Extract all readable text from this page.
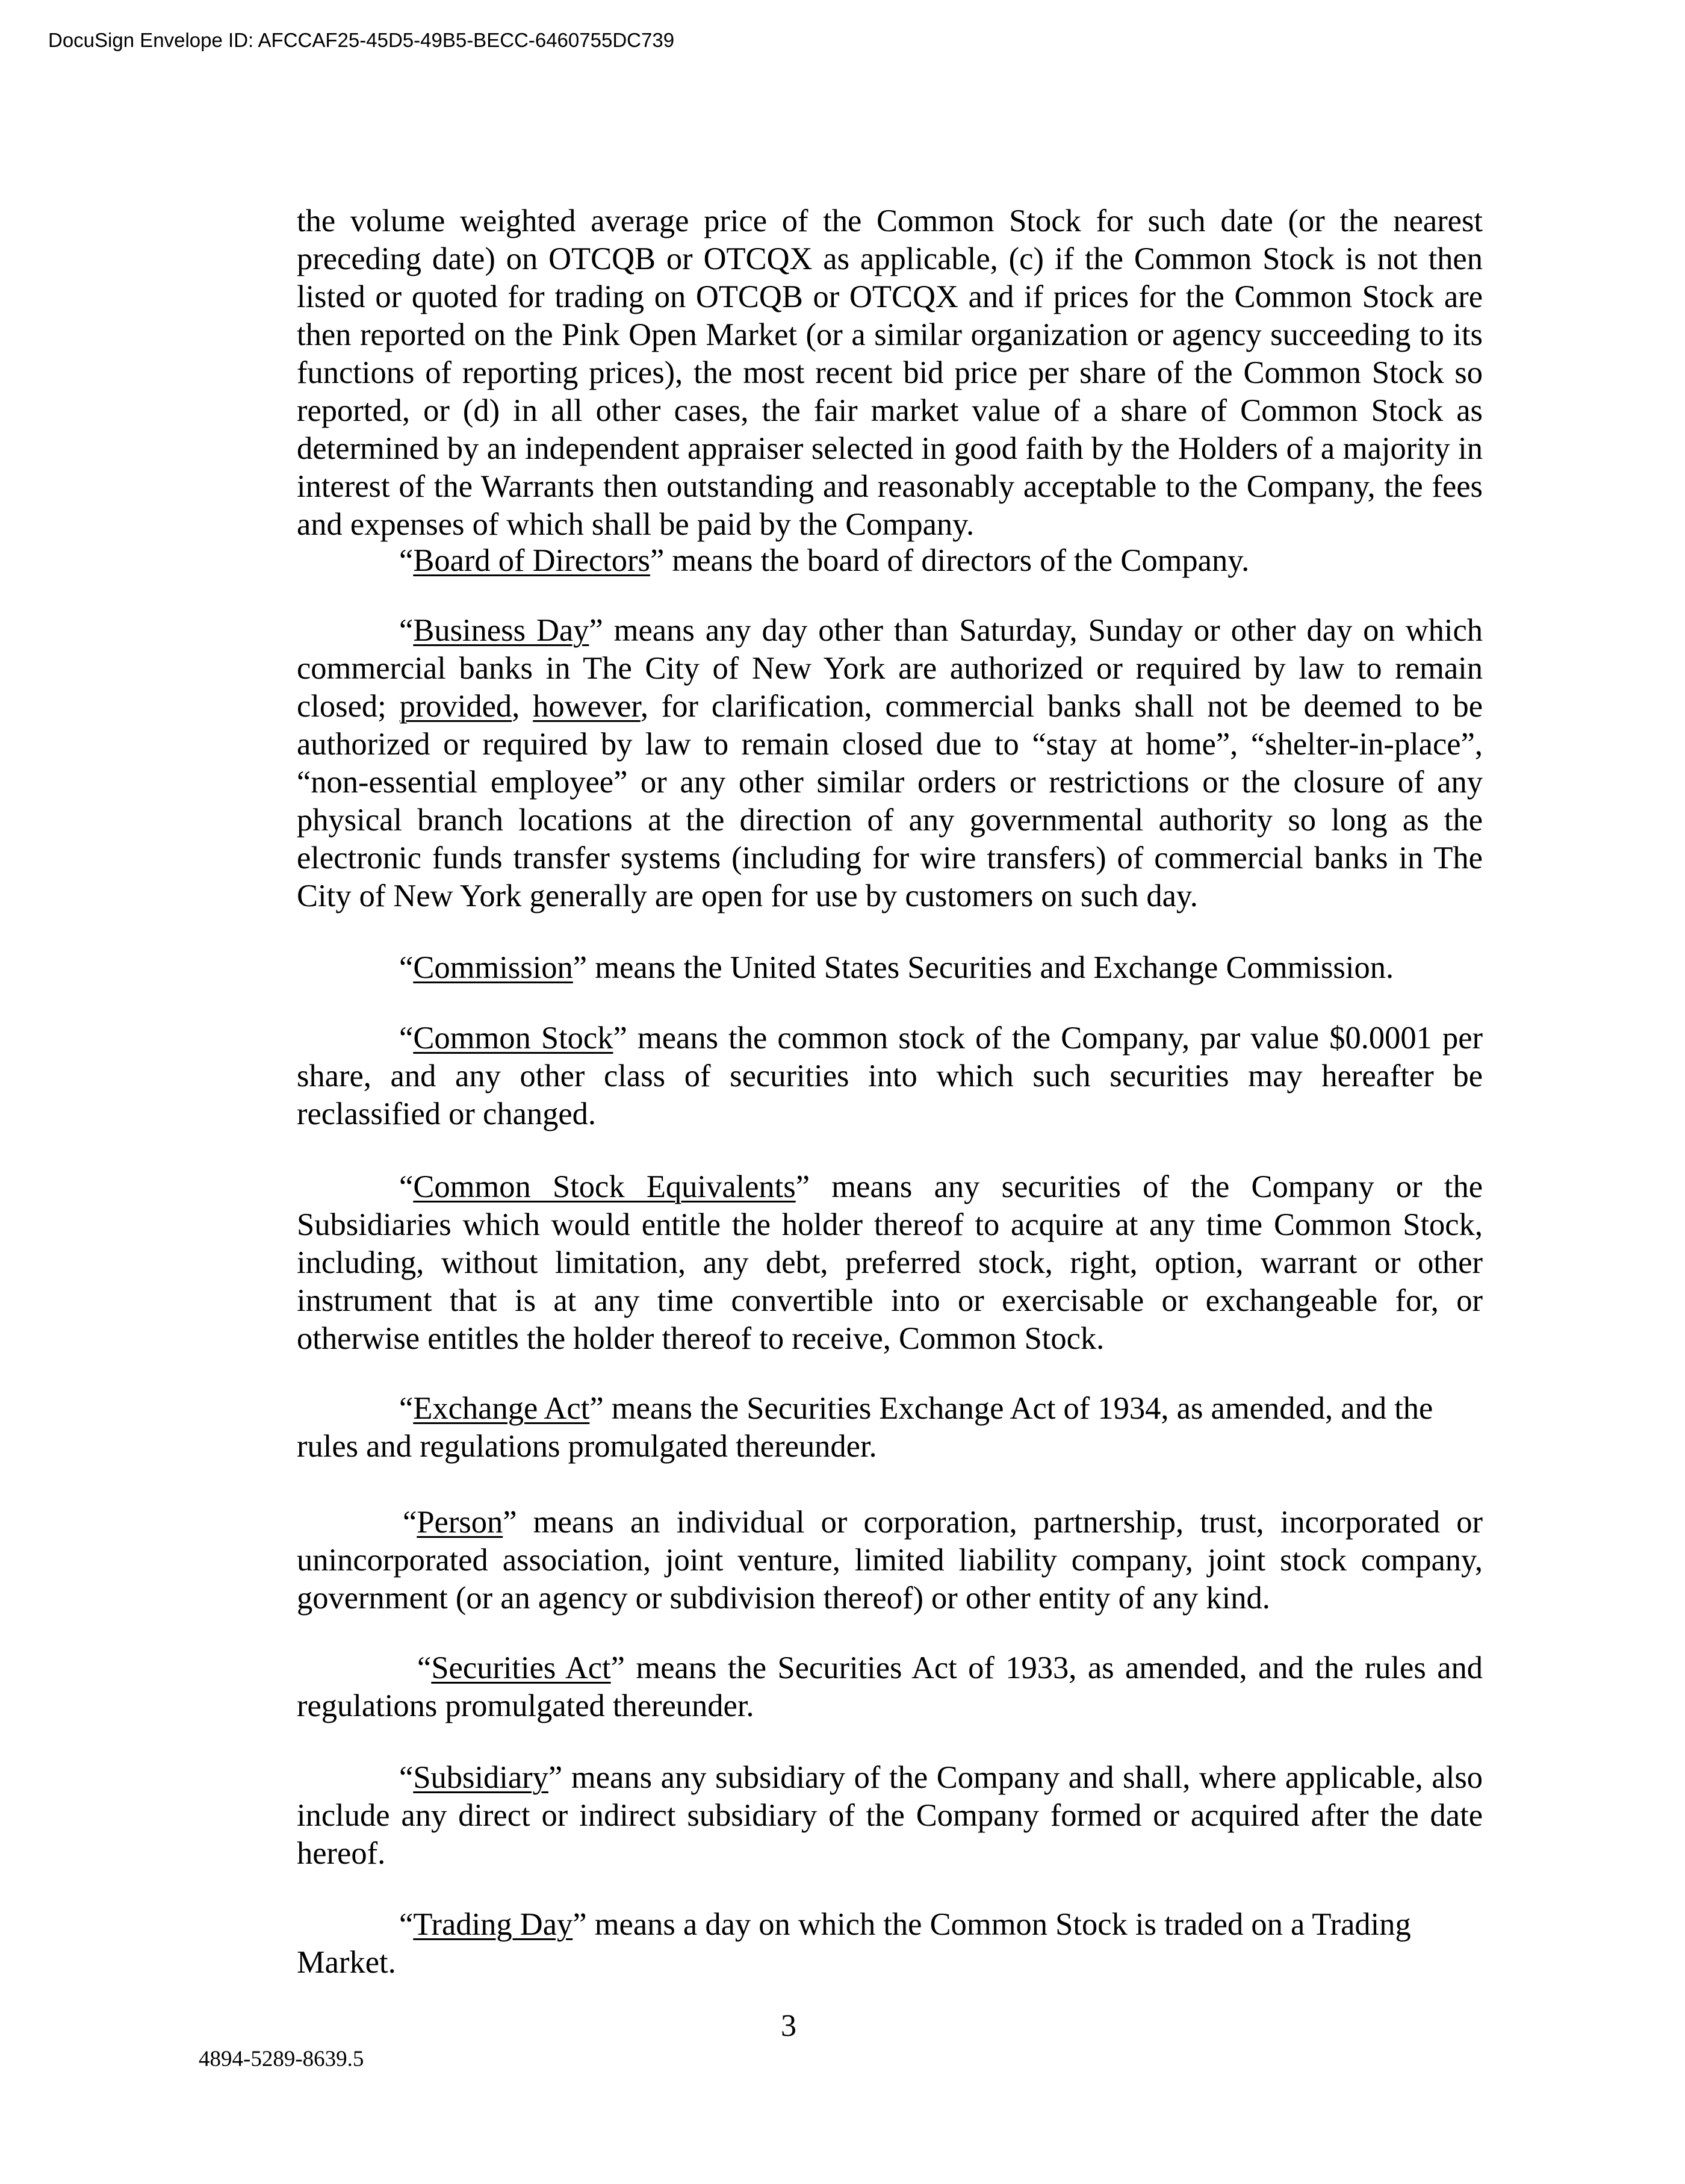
DocuSign Envelope ID: AFCCAF25-45D5-49B5-BECC-6460755DC739

the volume weighted average price of the Common Stock for such date (or the nearest preceding date) on OTCQB or OTCQX as applicable, (c) if the Common Stock is not then listed or quoted for trading on OTCQB or OTCQX and if prices for the Common Stock are then reported on the Pink Open Market (or a similar organization or agency succeeding to its functions of reporting prices), the most recent bid price per share of the Common Stock so reported, or (d) in all other cases, the fair market value of a share of Common Stock as determined by an independent appraiser selected in good faith by the Holders of a majority in interest of the Warrants then outstanding and reasonably acceptable to the Company, the fees and expenses of which shall be paid by the Company.

“Board of Directors” means the board of directors of the Company.

“Business Day” means any day other than Saturday, Sunday or other day on which commercial banks in The City of New York are authorized or required by law to remain closed; provided, however, for clarification, commercial banks shall not be deemed to be authorized or required by law to remain closed due to “stay at home”, “shelter-in-place”, “non-essential employee” or any other similar orders or restrictions or the closure of any physical branch locations at the direction of any governmental authority so long as the electronic funds transfer systems (including for wire transfers) of commercial banks in The City of New York generally are open for use by customers on such day.

“Commission” means the United States Securities and Exchange Commission.

“Common Stock” means the common stock of the Company, par value $0.0001 per share, and any other class of securities into which such securities may hereafter be reclassified or changed.

“Common Stock Equivalents” means any securities of the Company or the Subsidiaries which would entitle the holder thereof to acquire at any time Common Stock, including, without limitation, any debt, preferred stock, right, option, warrant or other instrument that is at any time convertible into or exercisable or exchangeable for, or otherwise entitles the holder thereof to receive, Common Stock.

“Exchange Act” means the Securities Exchange Act of 1934, as amended, and the rules and regulations promulgated thereunder.

“Person” means an individual or corporation, partnership, trust, incorporated or unincorporated association, joint venture, limited liability company, joint stock company, government (or an agency or subdivision thereof) or other entity of any kind.

“Securities Act” means the Securities Act of 1933, as amended, and the rules and regulations promulgated thereunder.

“Subsidiary” means any subsidiary of the Company and shall, where applicable, also include any direct or indirect subsidiary of the Company formed or acquired after the date hereof.

“Trading Day” means a day on which the Common Stock is traded on a Trading Market.

3
4894-5289-8639.5
